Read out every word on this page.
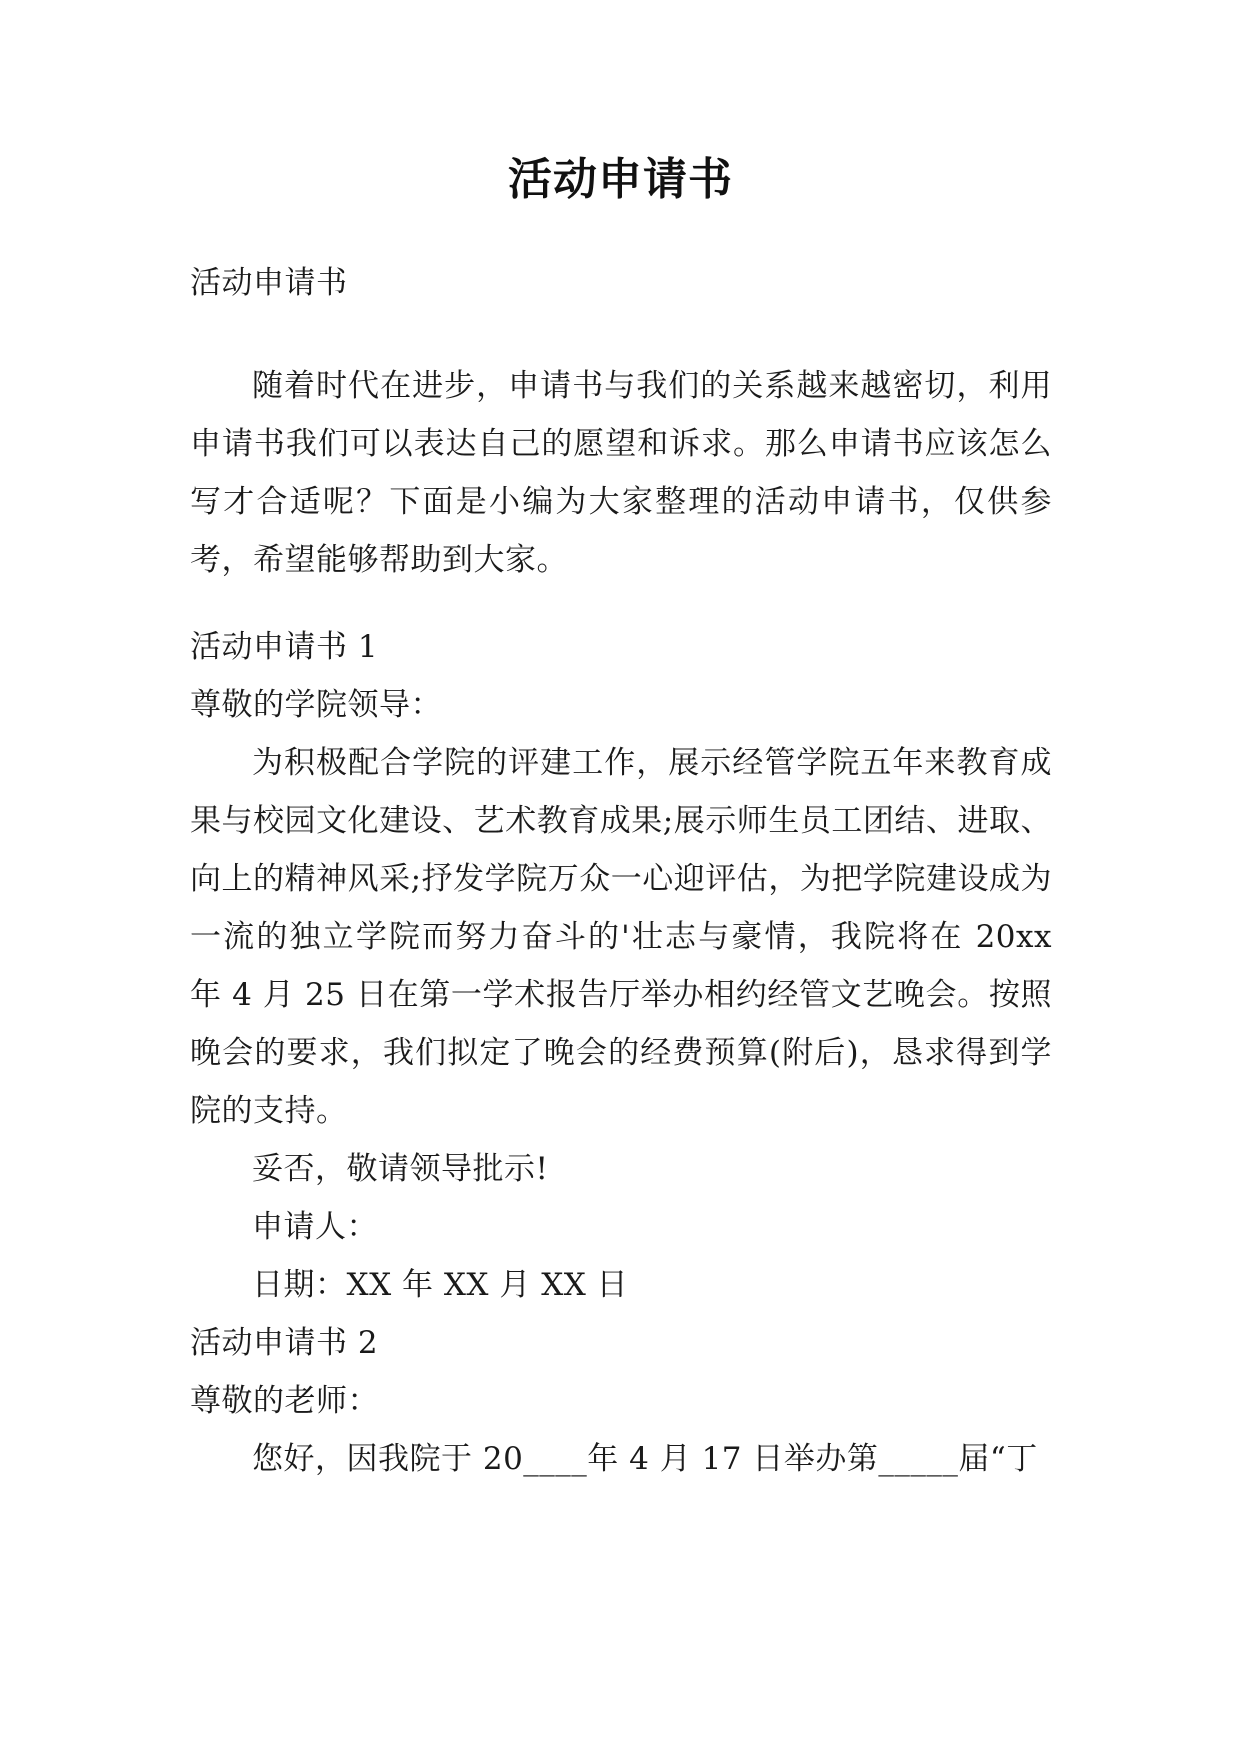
活动申请书

活动申请书

随着时代在进步，申请书与我们的关系越来越密切，利用申请书我们可以表达自己的愿望和诉求。那么申请书应该怎么写才合适呢？下面是小编为大家整理的活动申请书，仅供参考，希望能够帮助到大家。

活动申请书 1

尊敬的学院领导：

为积极配合学院的评建工作，展示经管学院五年来教育成果与校园文化建设、艺术教育成果;展示师生员工团结、进取、向上的精神风采;抒发学院万众一心迎评估，为把学院建设成为一流的独立学院而努力奋斗的'壮志与豪情，我院将在 20xx 年 4 月 25 日在第一学术报告厅举办相约经管文艺晚会。按照晚会的要求，我们拟定了晚会的经费预算(附后)，恳求得到学院的支持。

妥否，敬请领导批示!

申请人：

日期：XX 年 XX 月 XX 日

活动申请书 2

尊敬的老师：

您好，因我院于 20____年 4 月 17 日举办第_____届“丁
